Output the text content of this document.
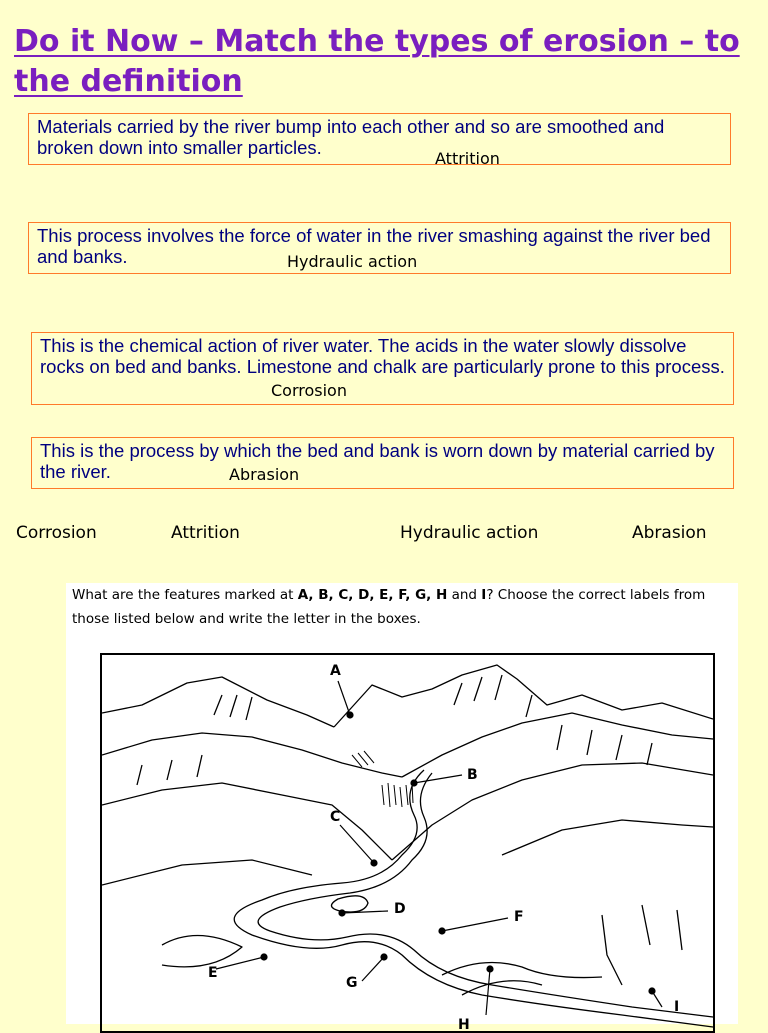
Do it Now – Match the types of erosion – to the definition
Materials carried by the river bump into each other and so are smoothed and broken down into smaller particles.
Attrition
This process involves the force of water in the river smashing against the river bed and banks.	Hydraulic action
This is the chemical action of river water. The acids in the water slowly dissolve rocks on bed and banks. Limestone and chalk are particularly prone to this process.
Corrosion
This is the process by which the bed and bank is worn down by material carried by the river.	Abrasion
Corrosion	Attrition	Hydraulic action	Abrasion

What are the features marked at A, B, C, D, E, F, G, H and I? Choose the correct labels from those listed below and write the letter in the boxes.

A
B
C
D
E
F
G
H
I
